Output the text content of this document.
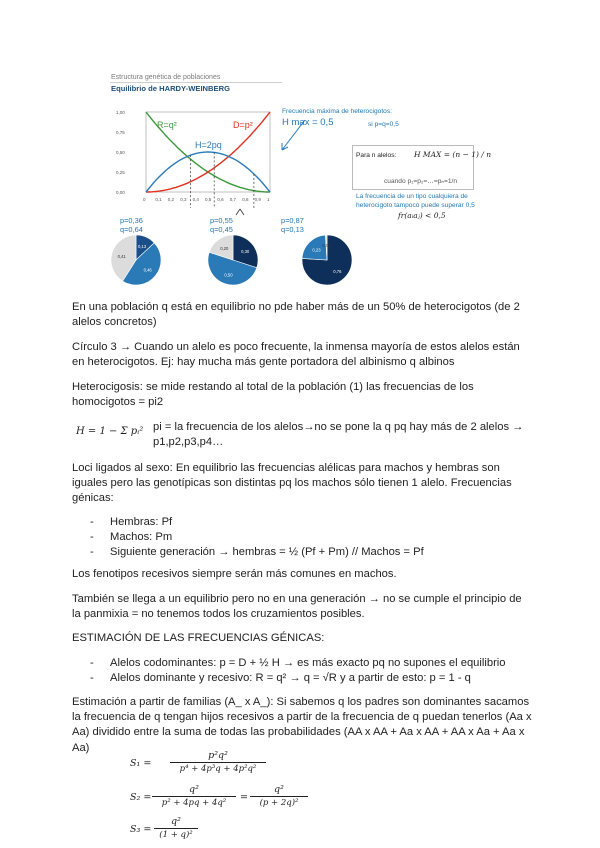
Estructura genética de poblaciones
Equilibrio de HARDY-WEINBERG
1,00
0,75
0,50
0,25
0,00
0 0,1 0,2 0,3 0,4 0,5 0,6 0,7 0,8 0,9 1
R=q²	D=p²
H=2pq
Frecuencia máxima de heterocigotos:
H max = 0,5	si p=q=0,5
Para n alelos: H MAX = (n − 1) / n
cuando p₁=p₂=…=pₙ=1/n
La frecuencia de un tipo cualquiera de
heterocigoto tampoco puede superar 0,5
fr(aᵢaⱼ) < 0,5
p=0,36
q=0,64
p=0,55
q=0,45
p=0,87
q=0,13
0,13
0,46
0,41
0,30
0,50
0,20
0,76
0,23
0,02
En una población q está en equilibrio no pde haber más de un 50% de heterocigotos (de 2 alelos concretos)
Círculo 3 → Cuando un alelo es poco frecuente, la inmensa mayoría de estos alelos están en heterocigotos. Ej: hay mucha más gente portadora del albinismo q albinos
Heterocigosis: se mide restando al total de la población (1) las frecuencias de los homocigotos = pi2
H = 1 − Σ pᵢ² pi = la frecuencia de los alelos→no se pone la q pq hay más de 2 alelos → p1,p2,p3,p4…
Loci ligados al sexo: En equilibrio las frecuencias alélicas para machos y hembras son iguales pero las genotípicas son distintas pq los machos sólo tienen 1 alelo. Frecuencias génicas:
- Hembras: Pf
- Machos: Pm
- Siguiente generación → hembras = ½ (Pf + Pm) // Machos = Pf
Los fenotipos recesivos siempre serán más comunes en machos.
También se llega a un equilibrio pero no en una generación → no se cumple el principio de la panmixia = no tenemos todos los cruzamientos posibles.
ESTIMACIÓN DE LAS FRECUENCIAS GÉNICAS:
- Alelos codominantes: p = D + ½ H → es más exacto pq no supones el equilibrio
- Alelos dominante y recesivo: R = q² → q = √R y a partir de esto: p = 1 - q
Estimación a partir de familias (A_ x A_): Si sabemos q los padres son dominantes sacamos la frecuencia de q tengan hijos recesivos a partir de la frecuencia de q puedan tenerlos (Aa x Aa) dividido entre la suma de todas las probabilidades (AA x AA + Aa x AA + AA x Aa + Aa x Aa)
S₁ =
p²q²
p⁴ + 4p³q + 4p²q²
S₂ =
q²
p² + 4pq + 4q²	=
q²
(p + 2q)²
S₃ =
q²
(1 + q)²
